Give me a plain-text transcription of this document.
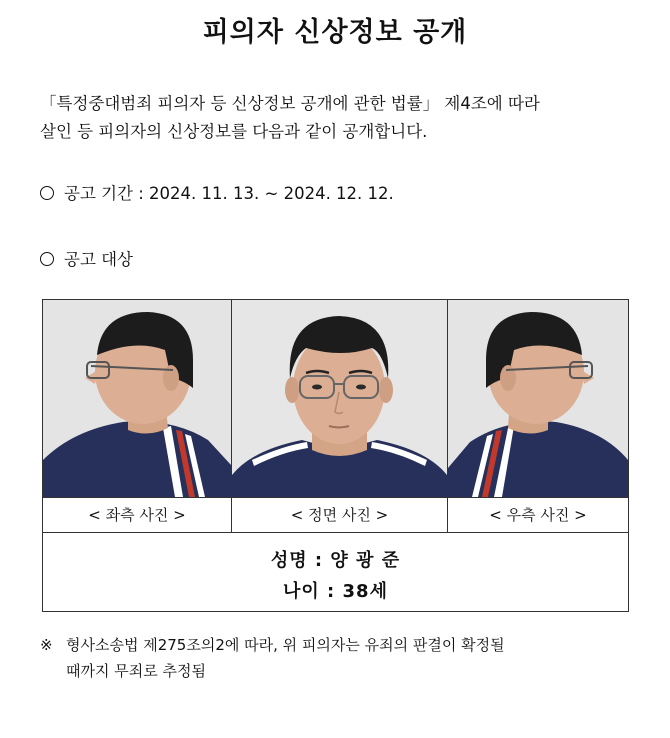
피의자 신상정보 공개
「특정중대범죄 피의자 등 신상정보 공개에 관한 법률」 제4조에 따라
살인 등 피의자의 신상정보를 다음과 같이 공개합니다.
공고 기간 : 2024. 11. 13. ~ 2024. 12. 12.
공고 대상
< 좌측 사진 >	< 정면 사진 >	< 우측 사진 >
성명 : 양 광 준
나이 : 38세
※ 형사소송법 제275조의2에 따라, 위 피의자는 유죄의 판결이 확정될
때까지 무죄로 추정됨
